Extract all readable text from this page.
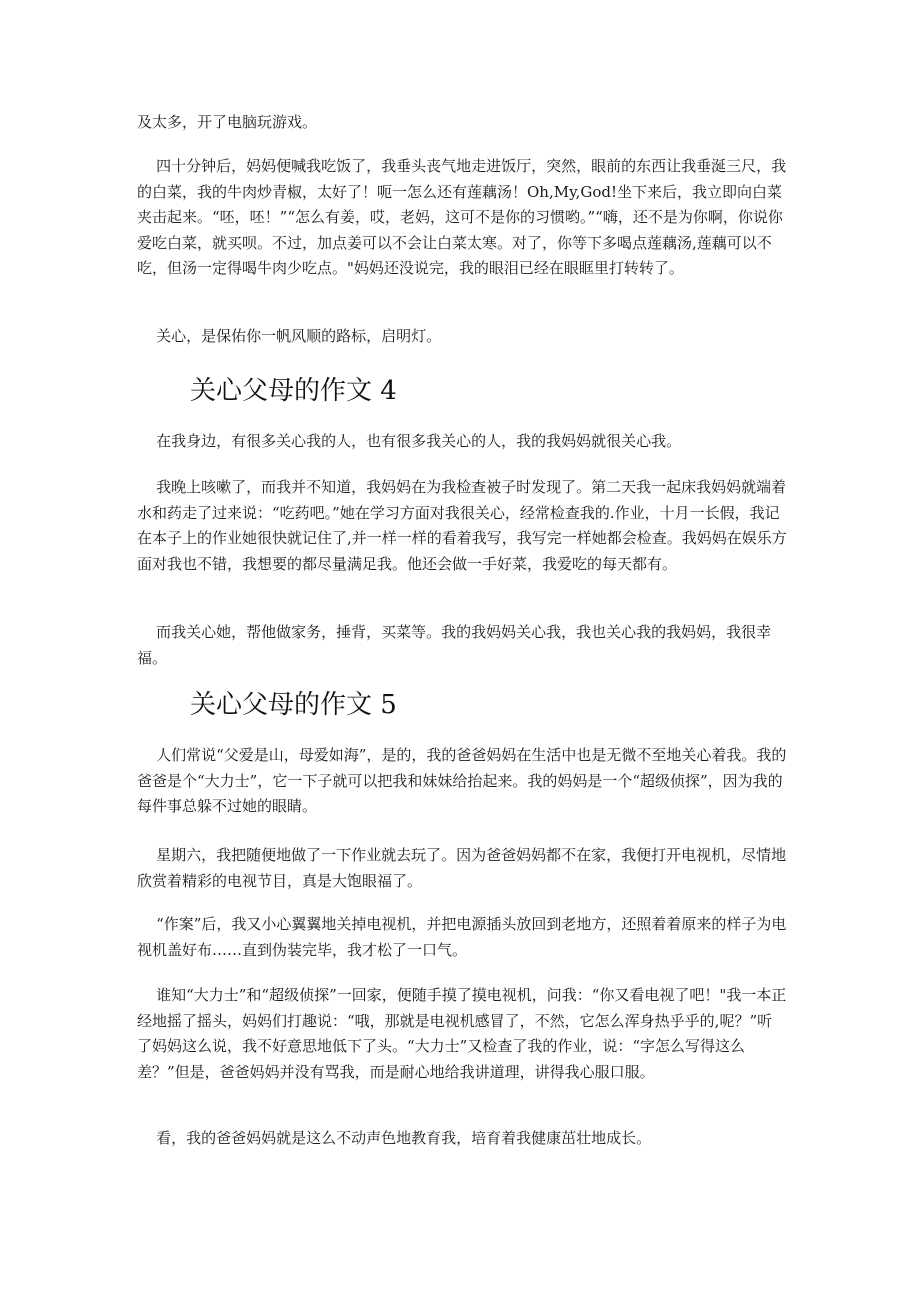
及太多，开了电脑玩游戏。

四十分钟后，妈妈便喊我吃饭了，我垂头丧气地走进饭厅，突然，眼前的东西让我垂涎三尺，我的白菜，我的牛肉炒青椒，太好了！呃一怎么还有莲藕汤！Oh,My,God!坐下来后，我立即向白菜夹击起来。“呸，呸！”“怎么有姜，哎，老妈，这可不是你的习惯哟。”“嗨，还不是为你啊，你说你爱吃白菜，就买呗。不过，加点姜可以不会让白菜太寒。对了，你等下多喝点莲藕汤,莲藕可以不吃，但汤一定得喝牛肉少吃点。"妈妈还没说完，我的眼泪已经在眼眶里打转转了。

关心，是保佑你一帆风顺的路标，启明灯。

关心父母的作文 4

在我身边，有很多关心我的人，也有很多我关心的人，我的我妈妈就很关心我。

我晚上咳嗽了，而我并不知道，我妈妈在为我检查被子时发现了。第二天我一起床我妈妈就端着水和药走了过来说：“吃药吧。”她在学习方面对我很关心，经常检查我的.作业，十月一长假，我记在本子上的作业她很快就记住了,并一样一样的看着我写，我写完一样她都会检查。我妈妈在娱乐方面对我也不错，我想要的都尽量满足我。他还会做一手好菜，我爱吃的每天都有。

而我关心她，帮他做家务，捶背，买菜等。我的我妈妈关心我，我也关心我的我妈妈，我很幸福。

关心父母的作文 5

人们常说“父爱是山，母爱如海”，是的，我的爸爸妈妈在生活中也是无微不至地关心着我。我的爸爸是个“大力士”，它一下子就可以把我和妹妹给抬起来。我的妈妈是一个“超级侦探”，因为我的每件事总躲不过她的眼睛。

星期六，我把随便地做了一下作业就去玩了。因为爸爸妈妈都不在家，我便打开电视机，尽情地欣赏着精彩的电视节目，真是大饱眼福了。

“作案”后，我又小心翼翼地关掉电视机，并把电源插头放回到老地方，还照着着原来的样子为电视机盖好布……直到伪装完毕，我才松了一口气。

谁知“大力士”和“超级侦探”一回家，便随手摸了摸电视机，问我：“你又看电视了吧！"我一本正经地摇了摇头，妈妈们打趣说：“哦，那就是电视机感冒了，不然，它怎么浑身热乎乎的,呢？”听了妈妈这么说，我不好意思地低下了头。“大力士”又检查了我的作业，说：“字怎么写得这么差？”但是，爸爸妈妈并没有骂我，而是耐心地给我讲道理，讲得我心服口服。

看，我的爸爸妈妈就是这么不动声色地教育我，培育着我健康茁壮地成长。
